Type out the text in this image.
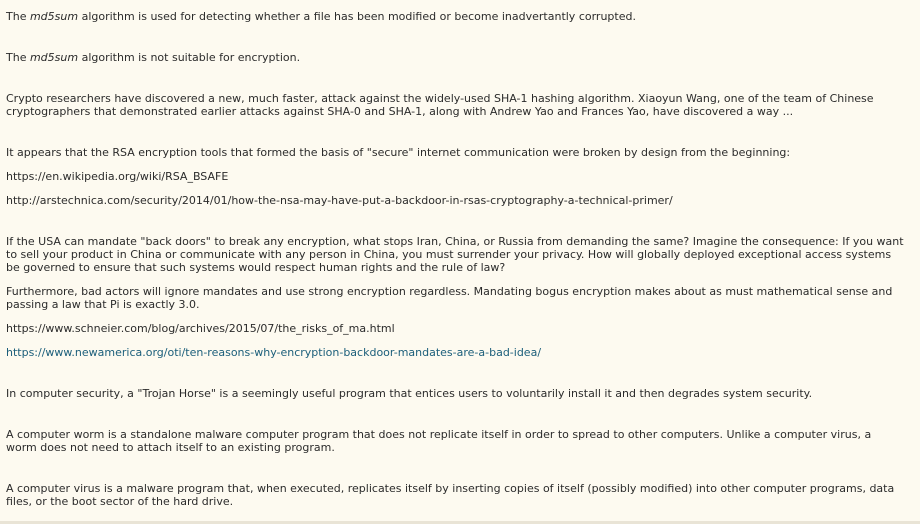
The md5sum algorithm is used for detecting whether a file has been modified or become inadvertantly corrupted.

The md5sum algorithm is not suitable for encryption.

Crypto researchers have discovered a new, much faster, attack against the widely-used SHA-1 hashing algorithm. Xiaoyun Wang, one of the team of Chinese cryptographers that demonstrated earlier attacks against SHA-0 and SHA-1, along with Andrew Yao and Frances Yao, have discovered a way ...

It appears that the RSA encryption tools that formed the basis of "secure" internet communication were broken by design from the beginning:

https://en.wikipedia.org/wiki/RSA_BSAFE

http://arstechnica.com/security/2014/01/how-the-nsa-may-have-put-a-backdoor-in-rsas-cryptography-a-technical-primer/

If the USA can mandate "back doors" to break any encryption, what stops Iran, China, or Russia from demanding the same? Imagine the consequence: If you want to sell your product in China or communicate with any person in China, you must surrender your privacy. How will globally deployed exceptional access systems be governed to ensure that such systems would respect human rights and the rule of law?

Furthermore, bad actors will ignore mandates and use strong encryption regardless. Mandating bogus encryption makes about as must mathematical sense and passing a law that Pi is exactly 3.0.

https://www.schneier.com/blog/archives/2015/07/the_risks_of_ma.html

https://www.newamerica.org/oti/ten-reasons-why-encryption-backdoor-mandates-are-a-bad-idea/

In computer security, a "Trojan Horse" is a seemingly useful program that entices users to voluntarily install it and then degrades system security.

A computer worm is a standalone malware computer program that does not replicate itself in order to spread to other computers. Unlike a computer virus, a worm does not need to attach itself to an existing program.

A computer virus is a malware program that, when executed, replicates itself by inserting copies of itself (possibly modified) into other computer programs, data files, or the boot sector of the hard drive.
